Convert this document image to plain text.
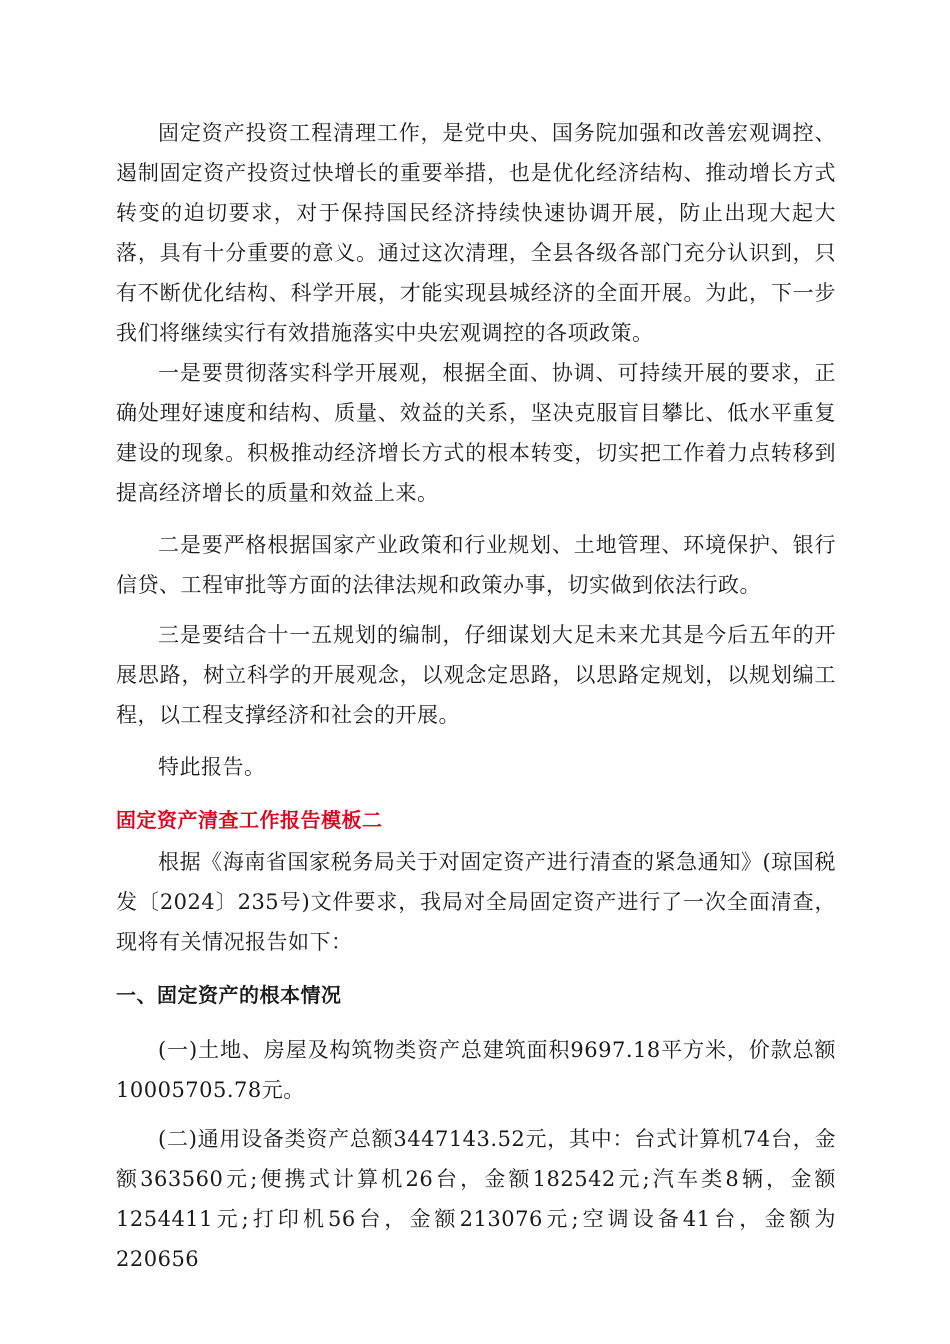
固定资产投资工程清理工作，是党中央、国务院加强和改善宏观调控、遏制固定资产投资过快增长的重要举措，也是优化经济结构、推动增长方式转变的迫切要求，对于保持国民经济持续快速协调开展，防止出现大起大落，具有十分重要的意义。通过这次清理，全县各级各部门充分认识到，只有不断优化结构、科学开展，才能实现县城经济的全面开展。为此，下一步我们将继续实行有效措施落实中央宏观调控的各项政策。

一是要贯彻落实科学开展观，根据全面、协调、可持续开展的要求，正确处理好速度和结构、质量、效益的关系，坚决克服盲目攀比、低水平重复建设的现象。积极推动经济增长方式的根本转变，切实把工作着力点转移到提高经济增长的质量和效益上来。

二是要严格根据国家产业政策和行业规划、土地管理、环境保护、银行信贷、工程审批等方面的法律法规和政策办事，切实做到依法行政。

三是要结合十一五规划的编制，仔细谋划大足未来尤其是今后五年的开展思路，树立科学的开展观念，以观念定思路，以思路定规划，以规划编工程，以工程支撑经济和社会的开展。

特此报告。

固定资产清查工作报告模板二

根据《海南省国家税务局关于对固定资产进行清查的紧急通知》(琼国税发〔2024〕235号)文件要求，我局对全局固定资产进行了一次全面清查，现将有关情况报告如下：

一、固定资产的根本情况

(一)土地、房屋及构筑物类资产总建筑面积9697.18平方米，价款总额10005705.78元。

(二)通用设备类资产总额3447143.52元，其中：台式计算机74台，金额363560元;便携式计算机26台，金额182542元;汽车类8辆，金额1254411元;打印机56台，金额213076元;空调设备41台，金额为220656
